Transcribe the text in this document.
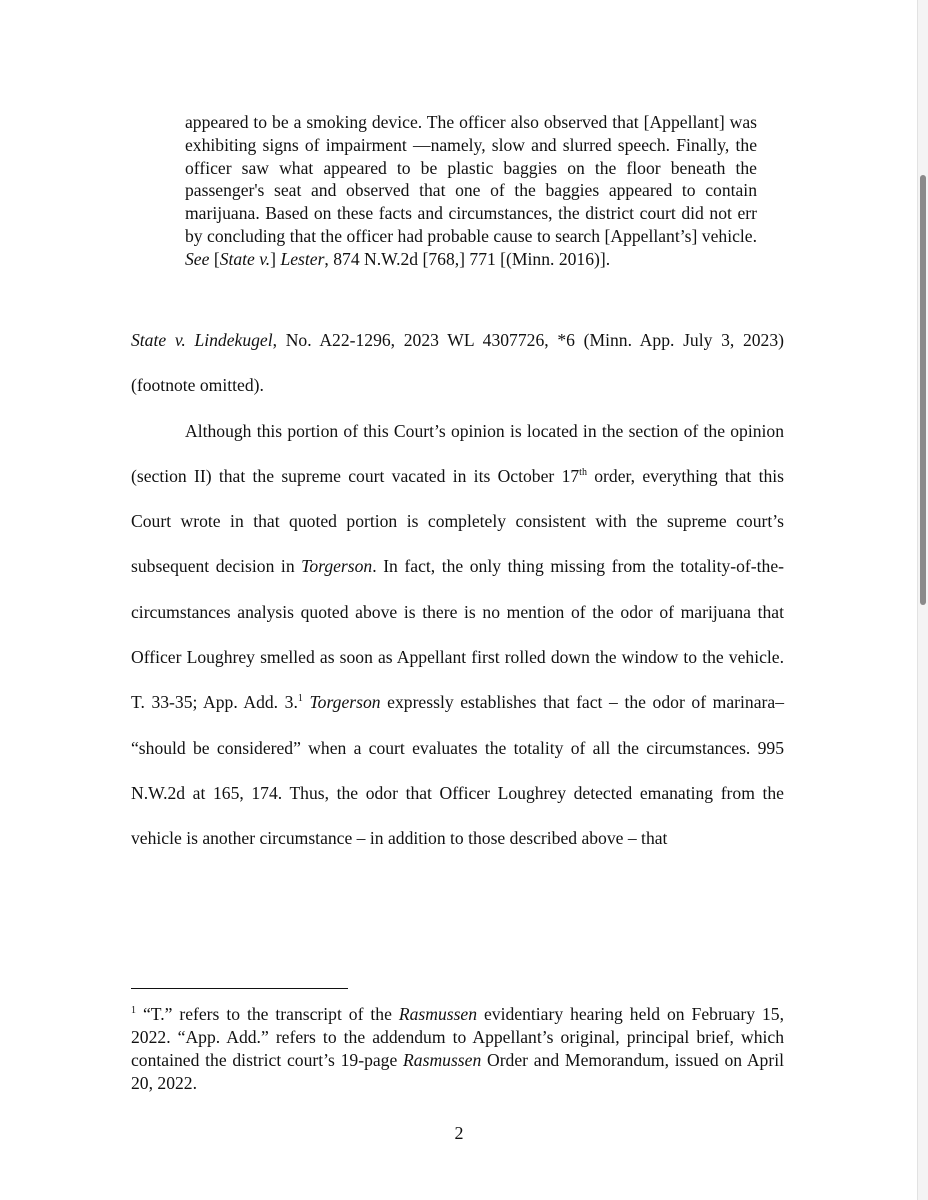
appeared to be a smoking device. The officer also observed that [Appellant] was exhibiting signs of impairment —namely, slow and slurred speech. Finally, the officer saw what appeared to be plastic baggies on the floor beneath the passenger's seat and observed that one of the baggies appeared to contain marijuana. Based on these facts and circumstances, the district court did not err by concluding that the officer had probable cause to search [Appellant’s] vehicle. See [State v.] Lester, 874 N.W.2d [768,] 771 [(Minn. 2016)].

State v. Lindekugel, No. A22-1296, 2023 WL 4307726, *6 (Minn. App. July 3, 2023) (footnote omitted).

Although this portion of this Court’s opinion is located in the section of the opinion (section II) that the supreme court vacated in its October 17th order, everything that this Court wrote in that quoted portion is completely consistent with the supreme court’s subsequent decision in Torgerson. In fact, the only thing missing from the totality-of-the-circumstances analysis quoted above is there is no mention of the odor of marijuana that Officer Loughrey smelled as soon as Appellant first rolled down the window to the vehicle. T. 33-35; App. Add. 3.$^1$ Torgerson expressly establishes that fact – the odor of marinara– “should be considered” when a court evaluates the totality of all the circumstances. 995 N.W.2d at 165, 174. Thus, the odor that Officer Loughrey detected emanating from the vehicle is another circumstance – in addition to those described above – that

$^1$ “T.” refers to the transcript of the Rasmussen evidentiary hearing held on February 15, 2022. “App. Add.” refers to the addendum to Appellant’s original, principal brief, which contained the district court’s 19-page Rasmussen Order and Memorandum, issued on April 20, 2022.

2
